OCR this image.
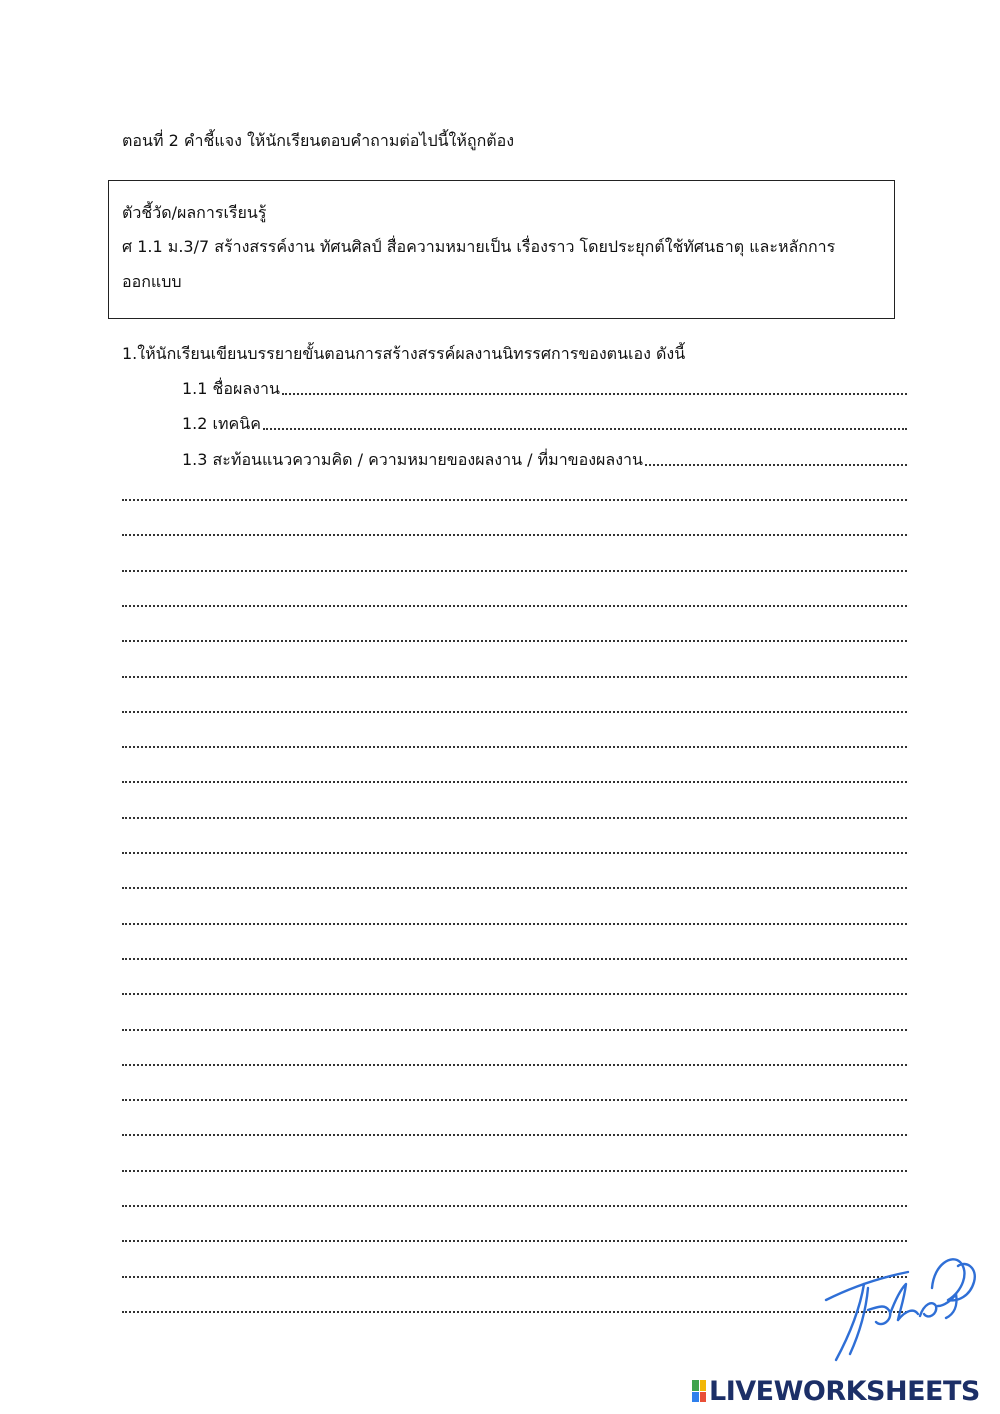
ตอนที่ 2 คำชี้แจง ให้นักเรียนตอบคำถามต่อไปนี้ให้ถูกต้อง
ตัวชี้วัด/ผลการเรียนรู้
ศ 1.1 ม.3/7 สร้างสรรค์งาน ทัศนศิลป์ สื่อความหมายเป็น เรื่องราว โดยประยุกต์ใช้ทัศนธาตุ และหลักการ
ออกแบบ
1.ให้นักเรียนเขียนบรรยายขั้นตอนการสร้างสรรค์ผลงานนิทรรศการของตนเอง ดังนี้
1.1 ชื่อผลงาน
1.2 เทคนิค
1.3 สะท้อนแนวความคิด / ความหมายของผลงาน / ที่มาของผลงาน
LIVEWORKSHEETS
